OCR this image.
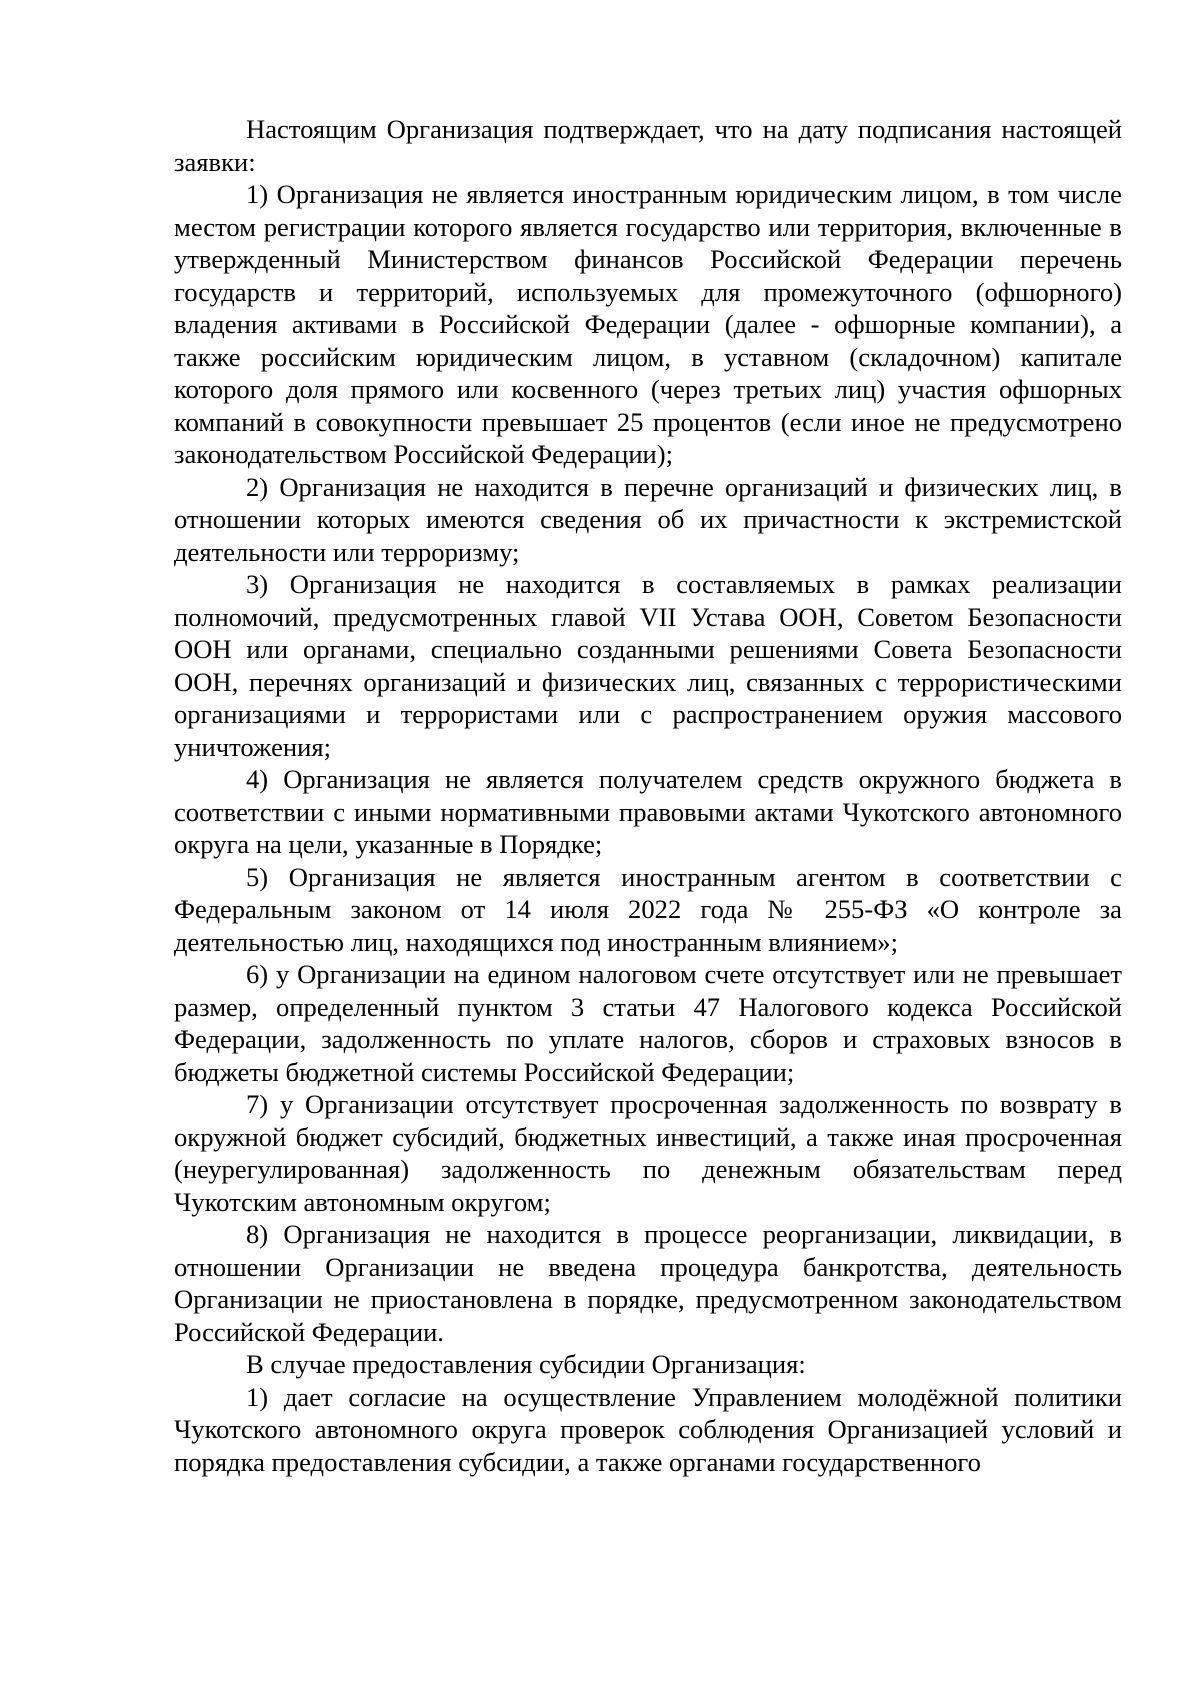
Настоящим Организация подтверждает, что на дату подписания настоящей заявки:

1) Организация не является иностранным юридическим лицом, в том числе местом регистрации которого является государство или территория, включенные в утвержденный Министерством финансов Российской Федерации перечень государств и территорий, используемых для промежуточного (офшорного) владения активами в Российской Федерации (далее - офшорные компании), а также российским юридическим лицом, в уставном (складочном) капитале которого доля прямого или косвенного (через третьих лиц) участия офшорных компаний в совокупности превышает 25 процентов (если иное не предусмотрено законодательством Российской Федерации);

2) Организация не находится в перечне организаций и физических лиц, в отношении которых имеются сведения об их причастности к экстремистской деятельности или терроризму;

3) Организация не находится в составляемых в рамках реализации полномочий, предусмотренных главой VII Устава ООН, Советом Безопасности ООН или органами, специально созданными решениями Совета Безопасности ООН, перечнях организаций и физических лиц, связанных с террористическими организациями и террористами или с распространением оружия массового уничтожения;

4) Организация не является получателем средств окружного бюджета в соответствии с иными нормативными правовыми актами Чукотского автономного округа на цели, указанные в Порядке;

5) Организация не является иностранным агентом в соответствии с Федеральным законом от 14 июля 2022 года № 255-ФЗ «О контроле за деятельностью лиц, находящихся под иностранным влиянием»;

6) у Организации на едином налоговом счете отсутствует или не превышает размер, определенный пунктом 3 статьи 47 Налогового кодекса Российской Федерации, задолженность по уплате налогов, сборов и страховых взносов в бюджеты бюджетной системы Российской Федерации;

7) у Организации отсутствует просроченная задолженность по возврату в окружной бюджет субсидий, бюджетных инвестиций, а также иная просроченная (неурегулированная) задолженность по денежным обязательствам перед Чукотским автономным округом;

8) Организация не находится в процессе реорганизации, ликвидации, в отношении Организации не введена процедура банкротства, деятельность Организации не приостановлена в порядке, предусмотренном законодательством Российской Федерации.

В случае предоставления субсидии Организация:

1) дает согласие на осуществление Управлением молодёжной политики Чукотского автономного округа проверок соблюдения Организацией условий и порядка предоставления субсидии, а также органами государственного
